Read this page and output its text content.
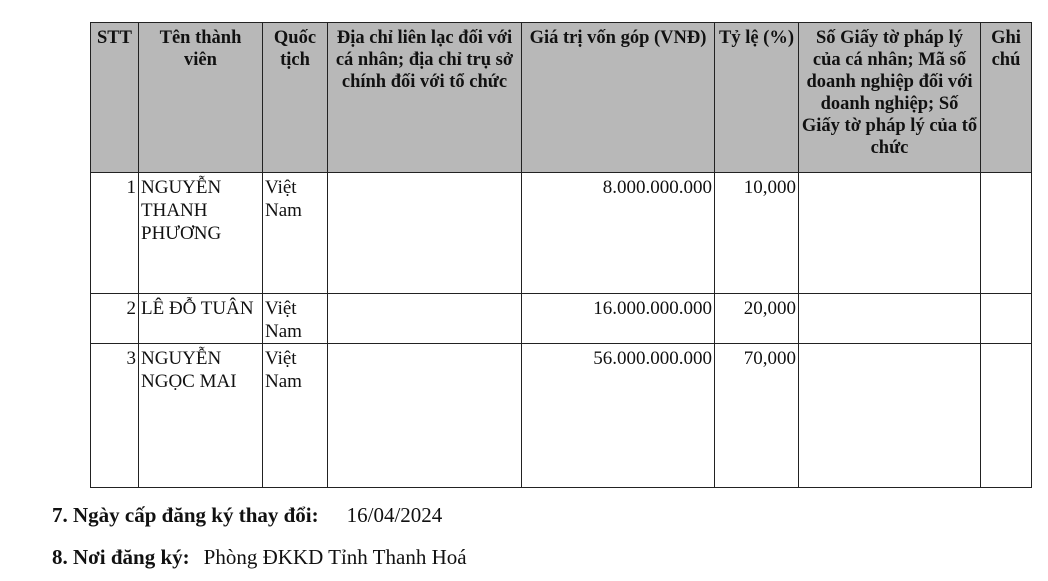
STT	Tên thành viên	Quốc tịch	Địa chỉ liên lạc đối với cá nhân; địa chỉ trụ sở chính đối với tổ chức	Giá trị vốn góp (VNĐ)	Tỷ lệ (%)	Số Giấy tờ pháp lý của cá nhân; Mã số doanh nghiệp đối với doanh nghiệp; Số Giấy tờ pháp lý của tổ chức	Ghi chú
1	NGUYỄN THANH PHƯƠNG	Việt Nam		8.000.000.000	10,000		
2	LÊ ĐỖ TUÂN	Việt Nam		16.000.000.000	20,000		
3	NGUYỄN NGỌC MAI	Việt Nam		56.000.000.000	70,000		
7. Ngày cấp đăng ký thay đổi: 16/04/2024
8. Nơi đăng ký: Phòng ĐKKD Tỉnh Thanh Hoá
